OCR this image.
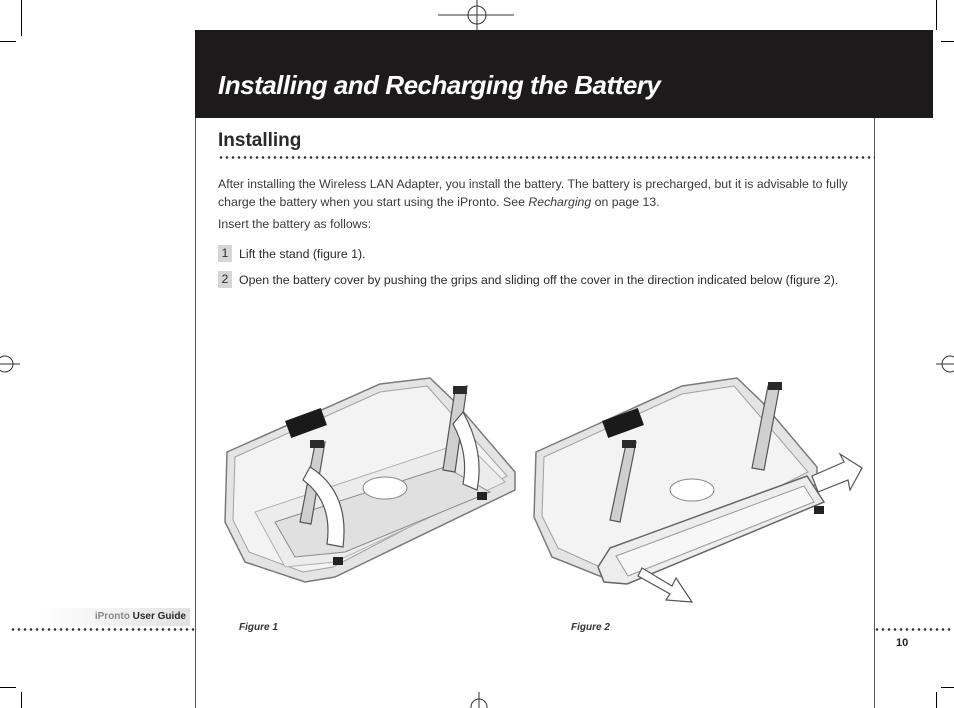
Installing and Recharging the Battery
Installing
After installing the Wireless LAN Adapter, you install the battery. The battery is precharged, but it is advisable to fully charge the battery when you start using the iPronto. See Recharging on page 13.
Insert the battery as follows:
1 Lift the stand (figure 1).
2 Open the battery cover by pushing the grips and sliding off the cover in the direction indicated below (figure 2).
Figure 1	Figure 2
iPronto User Guide
10
